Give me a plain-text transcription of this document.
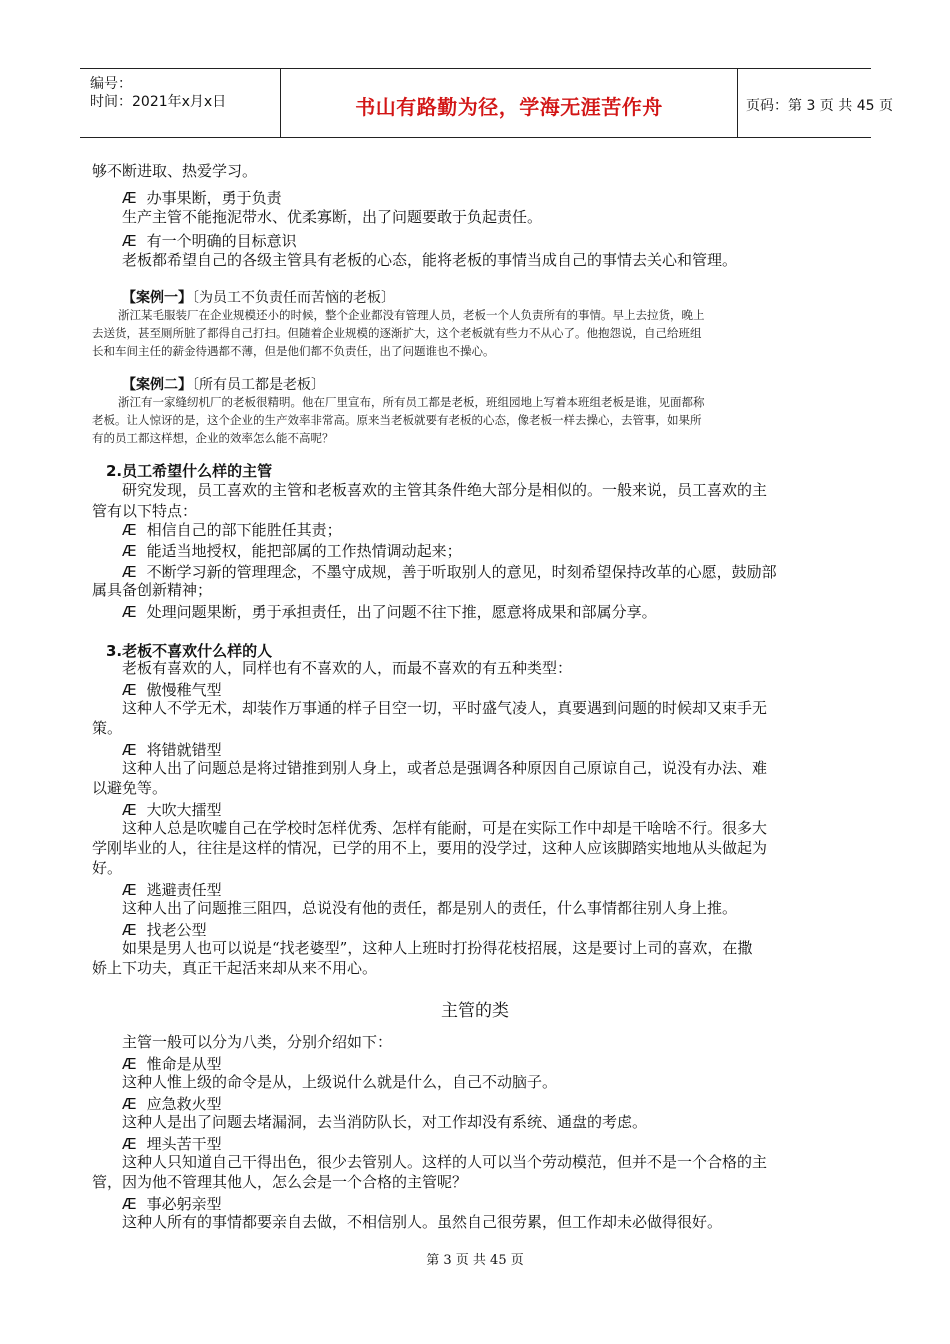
编号：
时间：2021年x月x日	书山有路勤为径，学海无涯苦作舟	页码：第 3 页 共 45 页
够不断进取、热爱学习。
Æ 办事果断，勇于负责
生产主管不能拖泥带水、优柔寡断，出了问题要敢于负起责任。
Æ 有一个明确的目标意识
老板都希望自己的各级主管具有老板的心态，能将老板的事情当成自己的事情去关心和管理。
【案例一】〔为员工不负责任而苦恼的老板〕
浙江某毛服装厂在企业规模还小的时候，整个企业都没有管理人员，老板一个人负责所有的事情。早上去拉货，晚上
去送货，甚至厕所脏了都得自己打扫。但随着企业规模的逐渐扩大，这个老板就有些力不从心了。他抱怨说，自己给班组
长和车间主任的薪金待遇都不薄，但是他们都不负责任，出了问题谁也不操心。
【案例二】〔所有员工都是老板〕
浙江有一家缝纫机厂的老板很精明。他在厂里宣布，所有员工都是老板，班组园地上写着本班组老板是谁，见面都称
老板。让人惊讶的是，这个企业的生产效率非常高。原来当老板就要有老板的心态，像老板一样去操心，去管事，如果所
有的员工都这样想，企业的效率怎么能不高呢？
2.员工希望什么样的主管
研究发现，员工喜欢的主管和老板喜欢的主管其条件绝大部分是相似的。一般来说，员工喜欢的主
管有以下特点：
Æ 相信自己的部下能胜任其责；
Æ 能适当地授权，能把部属的工作热情调动起来；
Æ 不断学习新的管理理念，不墨守成规，善于听取别人的意见，时刻希望保持改革的心愿，鼓励部
属具备创新精神；
Æ 处理问题果断，勇于承担责任，出了问题不往下推，愿意将成果和部属分享。
3.老板不喜欢什么样的人
老板有喜欢的人，同样也有不喜欢的人，而最不喜欢的有五种类型：
Æ 傲慢稚气型
这种人不学无术，却装作万事通的样子目空一切，平时盛气凌人，真要遇到问题的时候却又束手无
策。
Æ 将错就错型
这种人出了问题总是将过错推到别人身上，或者总是强调各种原因自己原谅自己，说没有办法、难
以避免等。
Æ 大吹大擂型
这种人总是吹嘘自己在学校时怎样优秀、怎样有能耐，可是在实际工作中却是干啥啥不行。很多大
学刚毕业的人，往往是这样的情况，已学的用不上，要用的没学过，这种人应该脚踏实地地从头做起为
好。
Æ 逃避责任型
这种人出了问题推三阻四，总说没有他的责任，都是别人的责任，什么事情都往别人身上推。
Æ 找老公型
如果是男人也可以说是“找老婆型”，这种人上班时打扮得花枝招展，这是要讨上司的喜欢，在撒
娇上下功夫，真正干起活来却从来不用心。
主管的类
主管一般可以分为八类，分别介绍如下：
Æ 惟命是从型
这种人惟上级的命令是从，上级说什么就是什么，自己不动脑子。
Æ 应急救火型
这种人是出了问题去堵漏洞，去当消防队长，对工作却没有系统、通盘的考虑。
Æ 埋头苦干型
这种人只知道自己干得出色，很少去管别人。这样的人可以当个劳动模范，但并不是一个合格的主
管，因为他不管理其他人，怎么会是一个合格的主管呢？
Æ 事必躬亲型
这种人所有的事情都要亲自去做，不相信别人。虽然自己很劳累，但工作却未必做得很好。
第 3 页 共 45 页
